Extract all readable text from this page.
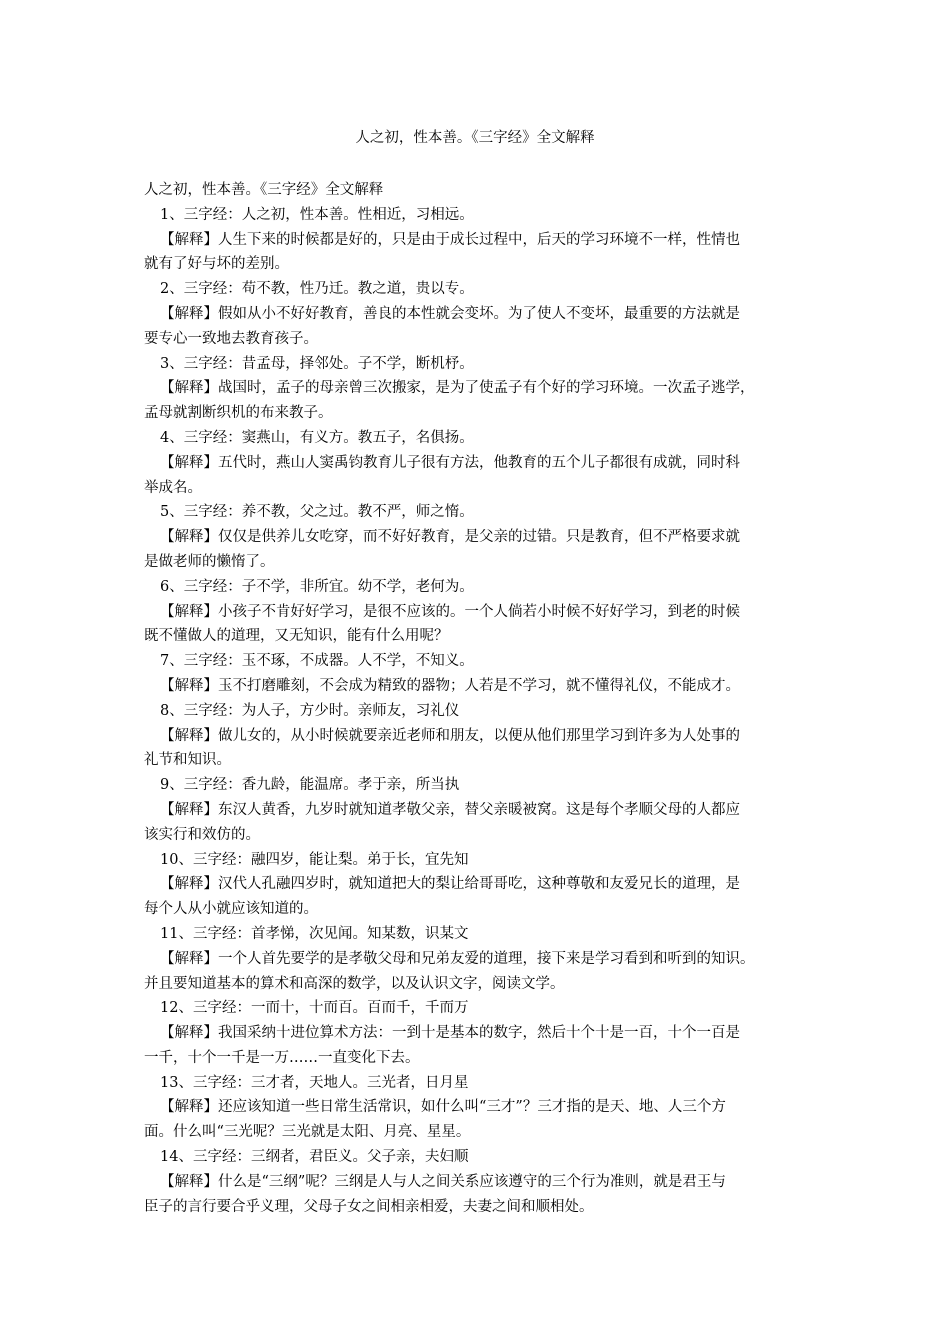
人之初，性本善。《三字经》全文解释
人之初，性本善。《三字经》全文解释
1、三字经：人之初，性本善。性相近，习相远。
【解释】人生下来的时候都是好的，只是由于成长过程中，后天的学习环境不一样，性情也
就有了好与坏的差别。
2、三字经：苟不教，性乃迁。教之道，贵以专。
【解释】假如从小不好好教育，善良的本性就会变坏。为了使人不变坏，最重要的方法就是
要专心一致地去教育孩子。
3、三字经：昔孟母，择邻处。子不学，断机杼。
【解释】战国时，孟子的母亲曾三次搬家，是为了使孟子有个好的学习环境。一次孟子逃学，
孟母就割断织机的布来教子。
4、三字经：窦燕山，有义方。教五子，名俱扬。
【解释】五代时，燕山人窦禹钧教育儿子很有方法，他教育的五个儿子都很有成就，同时科
举成名。
5、三字经：养不教，父之过。教不严，师之惰。
【解释】仅仅是供养儿女吃穿，而不好好教育，是父亲的过错。只是教育，但不严格要求就
是做老师的懒惰了。
6、三字经：子不学，非所宜。幼不学，老何为。
【解释】小孩子不肯好好学习，是很不应该的。一个人倘若小时候不好好学习，到老的时候
既不懂做人的道理，又无知识，能有什么用呢？
7、三字经：玉不琢，不成器。人不学，不知义。
【解释】玉不打磨雕刻，不会成为精致的器物；人若是不学习，就不懂得礼仪，不能成才。
8、三字经：为人子，方少时。亲师友，习礼仪
【解释】做儿女的，从小时候就要亲近老师和朋友，以便从他们那里学习到许多为人处事的
礼节和知识。
9、三字经：香九龄，能温席。孝于亲，所当执
【解释】东汉人黄香，九岁时就知道孝敬父亲，替父亲暖被窝。这是每个孝顺父母的人都应
该实行和效仿的。
10、三字经：融四岁，能让梨。弟于长，宜先知
【解释】汉代人孔融四岁时，就知道把大的梨让给哥哥吃，这种尊敬和友爱兄长的道理，是
每个人从小就应该知道的。
11、三字经：首孝悌，次见闻。知某数，识某文
【解释】一个人首先要学的是孝敬父母和兄弟友爱的道理，接下来是学习看到和听到的知识。
并且要知道基本的算术和高深的数学，以及认识文字，阅读文学。
12、三字经：一而十，十而百。百而千，千而万
【解释】我国采纳十进位算术方法：一到十是基本的数字，然后十个十是一百，十个一百是
一千，十个一千是一万……一直变化下去。
13、三字经：三才者，天地人。三光者，日月星
【解释】还应该知道一些日常生活常识，如什么叫“三才”？三才指的是天、地、人三个方
面。什么叫“三光呢？三光就是太阳、月亮、星星。
14、三字经：三纲者，君臣义。父子亲，夫妇顺
【解释】什么是“三纲”呢？三纲是人与人之间关系应该遵守的三个行为准则，就是君王与
臣子的言行要合乎义理，父母子女之间相亲相爱，夫妻之间和顺相处。
